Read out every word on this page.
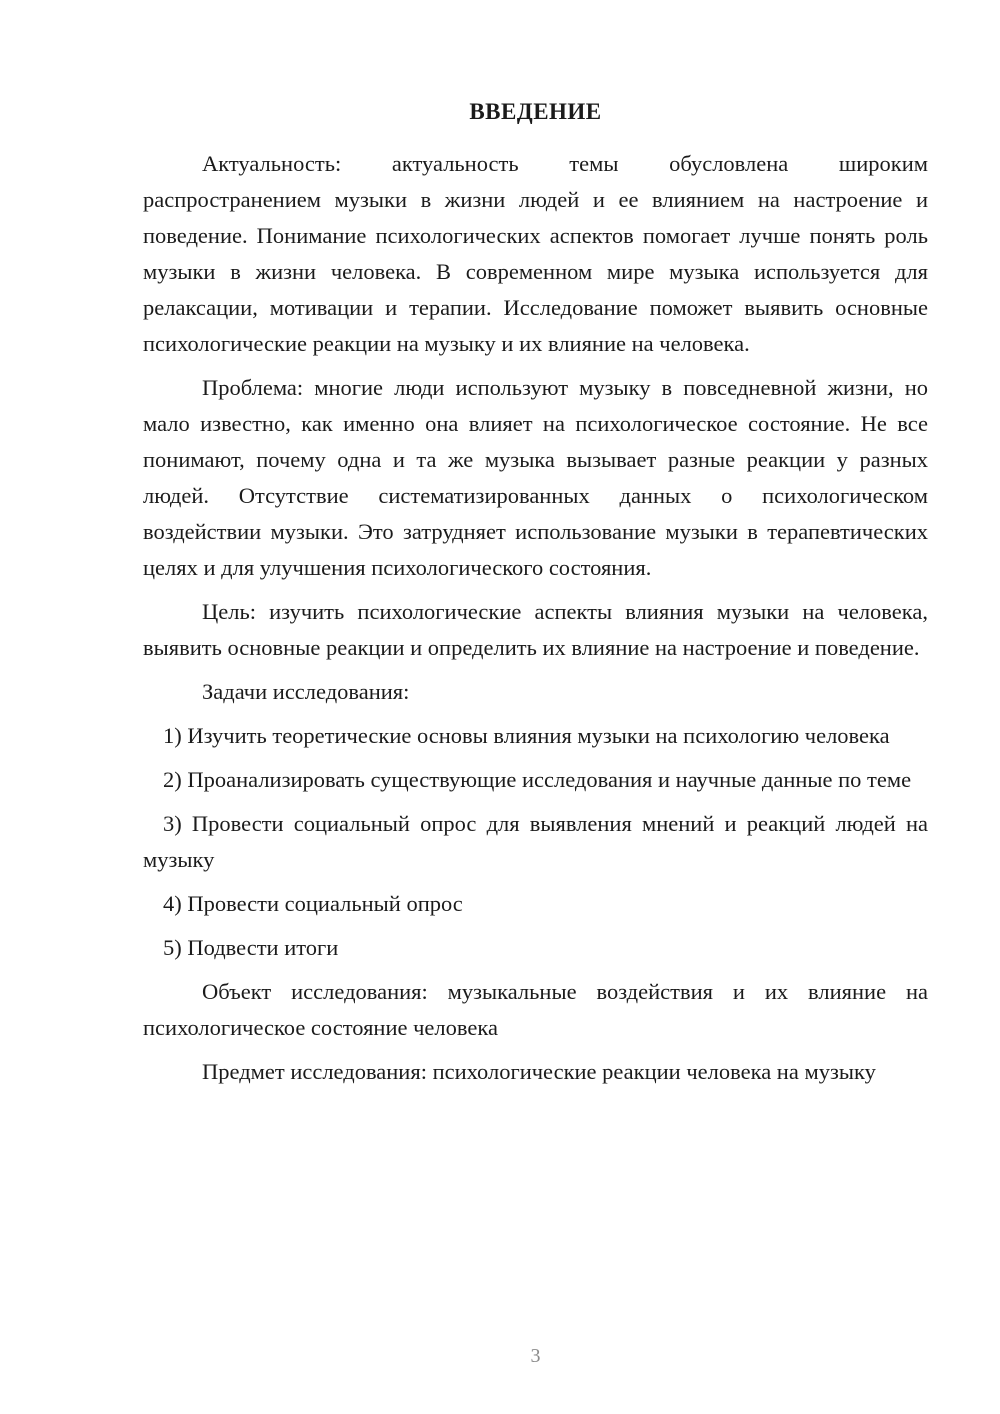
ВВЕДЕНИЕ

Актуальность: актуальность темы обусловлена широким распространением музыки в жизни людей и ее влиянием на настроение и поведение. Понимание психологических аспектов помогает лучше понять роль музыки в жизни человека. В современном мире музыка используется для релаксации, мотивации и терапии. Исследование поможет выявить основные психологические реакции на музыку и их влияние на человека.

Проблема: многие люди используют музыку в повседневной жизни, но мало известно, как именно она влияет на психологическое состояние. Не все понимают, почему одна и та же музыка вызывает разные реакции у разных людей. Отсутствие систематизированных данных о психологическом воздействии музыки. Это затрудняет использование музыки в терапевтических целях и для улучшения психологического состояния.

Цель: изучить психологические аспекты влияния музыки на человека, выявить основные реакции и определить их влияние на настроение и поведение.

Задачи исследования:

1) Изучить теоретические основы влияния музыки на психологию человека

2) Проанализировать существующие исследования и научные данные по теме

3) Провести социальный опрос для выявления мнений и реакций людей на музыку

4) Провести социальный опрос

5) Подвести итоги

Объект исследования: музыкальные воздействия и их влияние на психологическое состояние человека

Предмет исследования: психологические реакции человека на музыку

3
